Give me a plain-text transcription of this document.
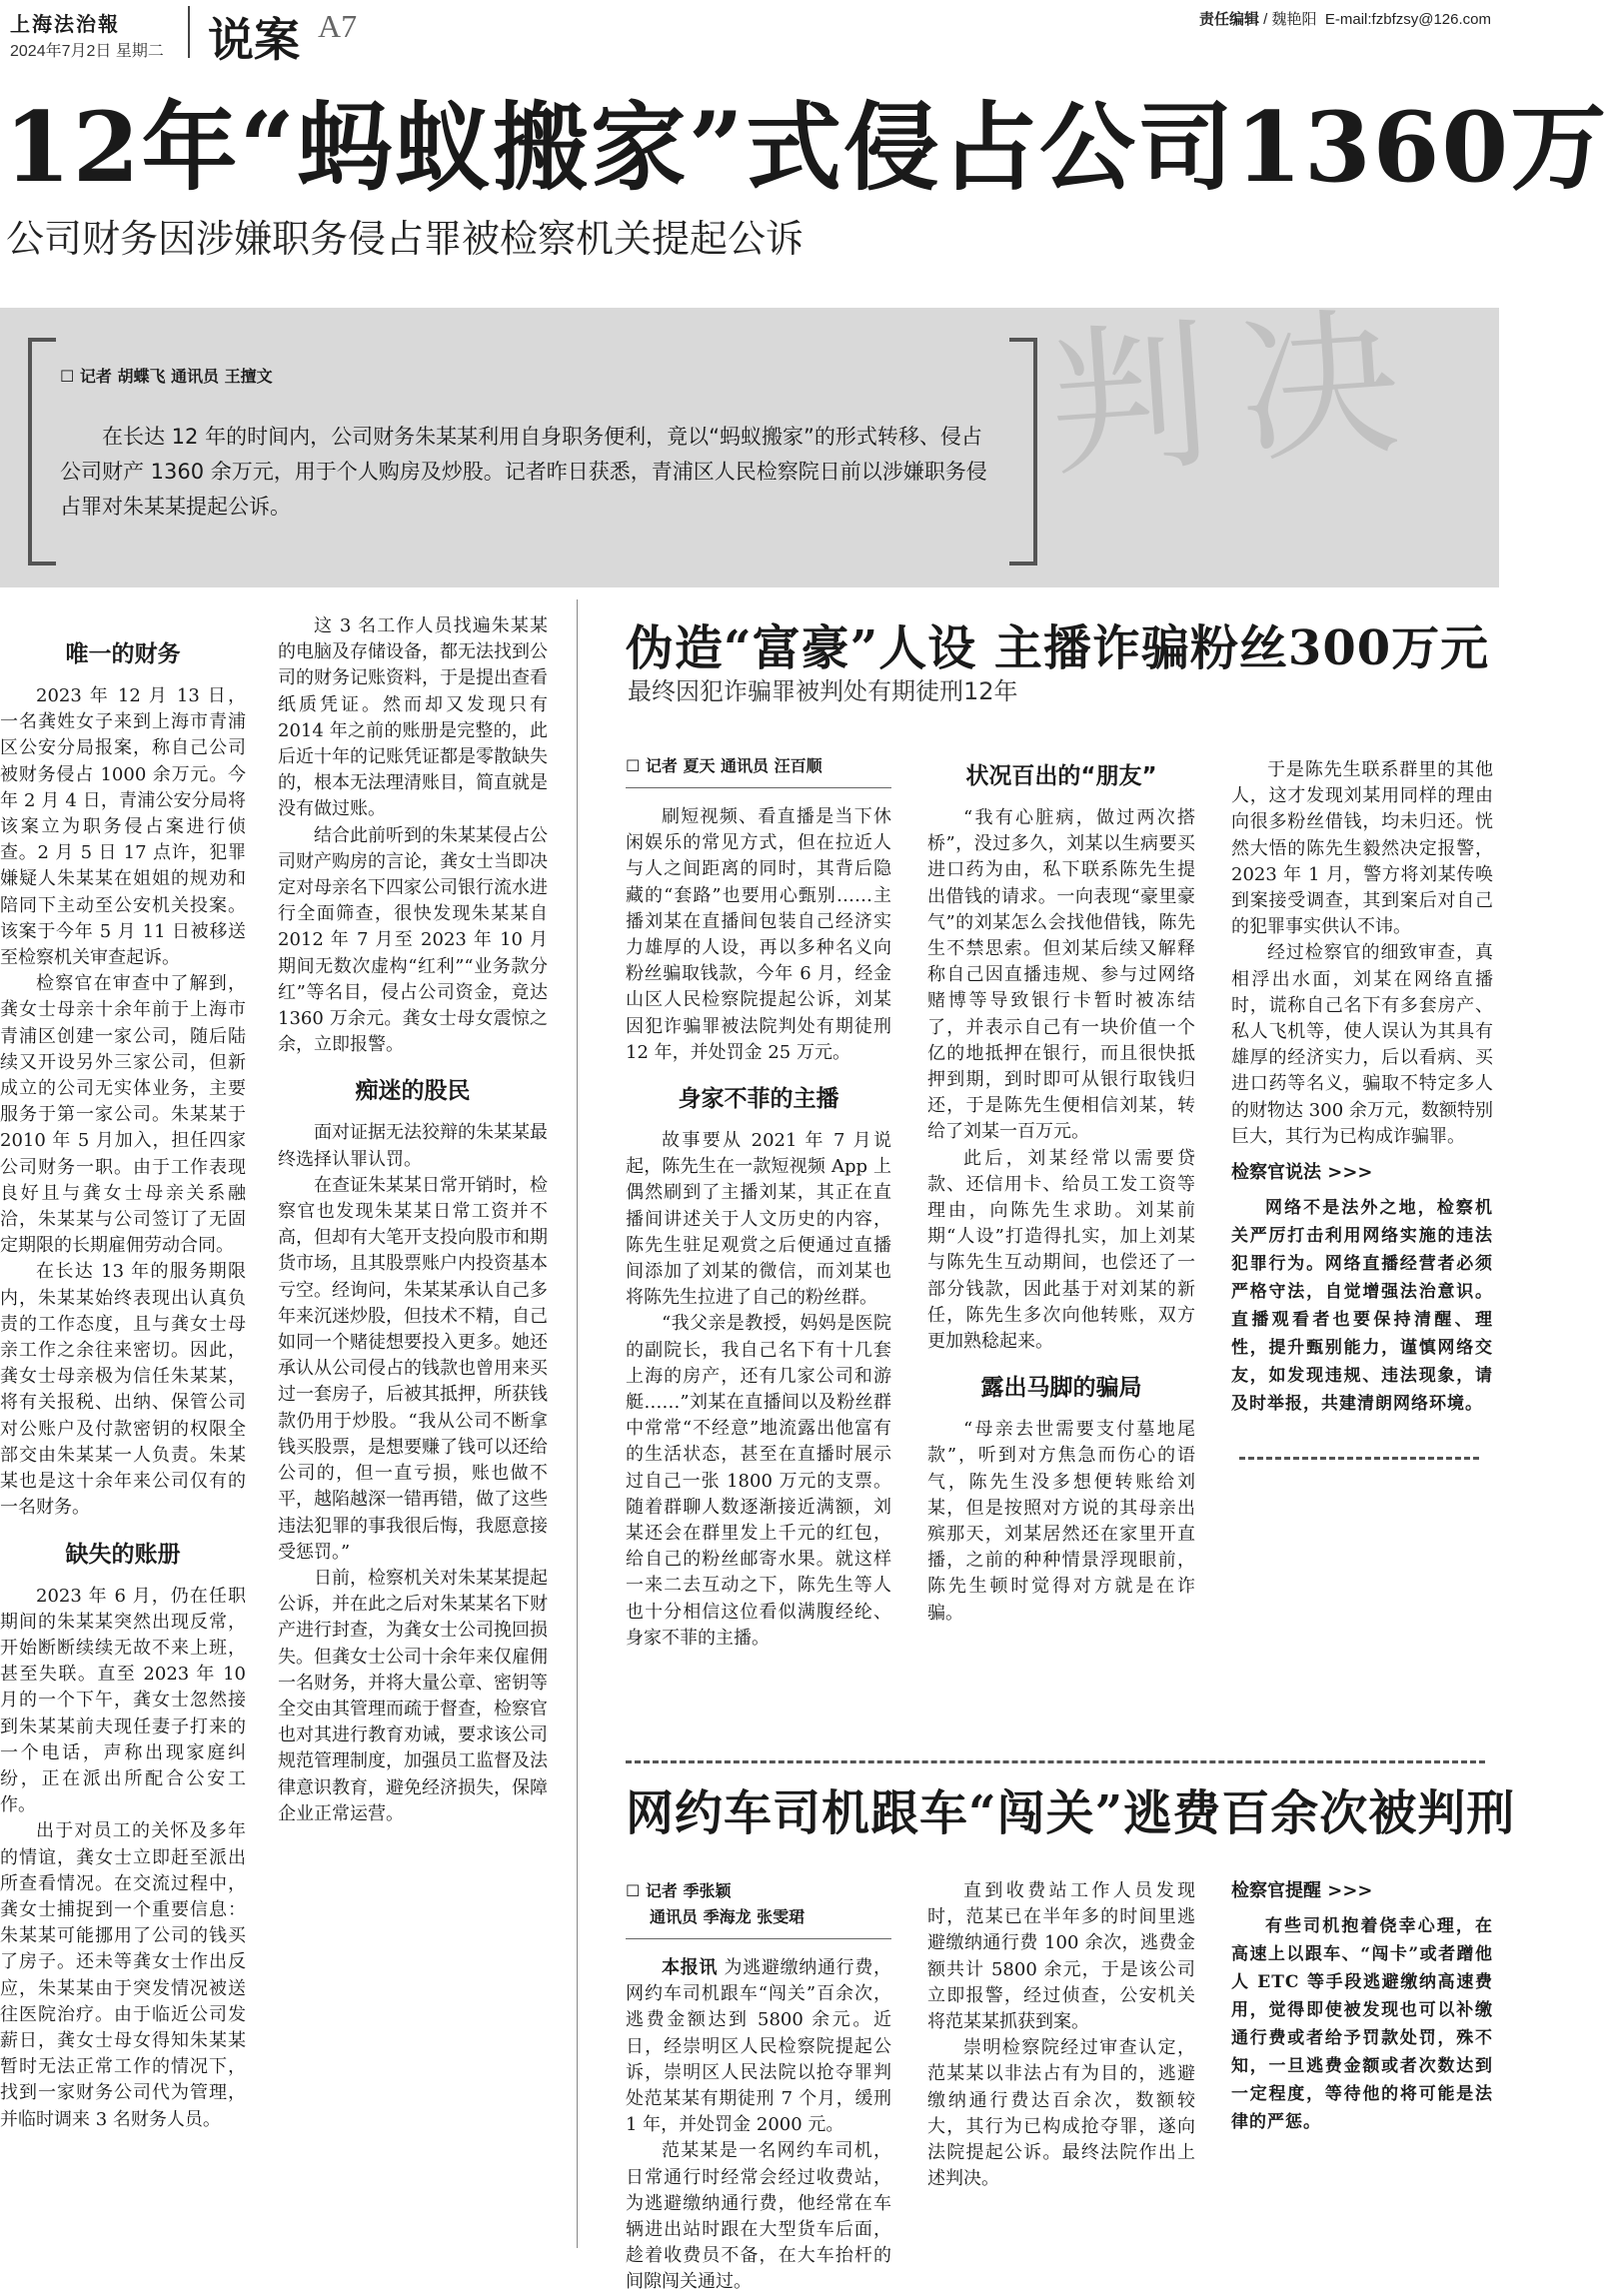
上海法治報
2024年7月2日 星期二 说案 A7	责任编辑 / 魏艳阳 E-mail:fzbfzsy@126.com
12年“蚂蚁搬家”式侵占公司1360万
公司财务因涉嫌职务侵占罪被检察机关提起公诉
判决
☐ 记者 胡蝶飞 通讯员 王擅文
在长达 12 年的时间内，公司财务朱某某利用自身职务便利，竟以“蚂蚁搬家”的形式转移、侵占公司财产 1360 余万元，用于个人购房及炒股。记者昨日获悉，青浦区人民检察院日前以涉嫌职务侵占罪对朱某某提起公诉。
唯一的财务

2023 年 12 月 13 日，一名龚姓女子来到上海市青浦区公安分局报案，称自己公司被财务侵占 1000 余万元。今年 2 月 4 日，青浦公安分局将该案立为职务侵占案进行侦查。2 月 5 日 17 点许，犯罪嫌疑人朱某某在姐姐的规劝和陪同下主动至公安机关投案。该案于今年 5 月 11 日被移送至检察机关审查起诉。

检察官在审查中了解到，龚女士母亲十余年前于上海市青浦区创建一家公司，随后陆续又开设另外三家公司，但新成立的公司无实体业务，主要服务于第一家公司。朱某某于 2010 年 5 月加入，担任四家公司财务一职。由于工作表现良好且与龚女士母亲关系融洽，朱某某与公司签订了无固定期限的长期雇佣劳动合同。

在长达 13 年的服务期限内，朱某某始终表现出认真负责的工作态度，且与龚女士母亲工作之余往来密切。因此，龚女士母亲极为信任朱某某，将有关报税、出纳、保管公司对公账户及付款密钥的权限全部交由朱某某一人负责。朱某某也是这十余年来公司仅有的一名财务。

缺失的账册

2023 年 6 月，仍在任职期间的朱某某突然出现反常，开始断断续续无故不来上班，甚至失联。直至 2023 年 10 月的一个下午，龚女士忽然接到朱某某前夫现任妻子打来的一个电话，声称出现家庭纠纷，正在派出所配合公安工作。

出于对员工的关怀及多年的情谊，龚女士立即赶至派出所查看情况。在交流过程中，龚女士捕捉到一个重要信息：朱某某可能挪用了公司的钱买了房子。还未等龚女士作出反应，朱某某由于突发情况被送往医院治疗。由于临近公司发薪日，龚女士母女得知朱某某暂时无法正常工作的情况下，找到一家财务公司代为管理，并临时调来 3 名财务人员。

这 3 名工作人员找遍朱某某的电脑及存储设备，都无法找到公司的财务记账资料，于是提出查看纸质凭证。然而却又发现只有 2014 年之前的账册是完整的，此后近十年的记账凭证都是零散缺失的，根本无法理清账目，简直就是没有做过账。

结合此前听到的朱某某侵占公司财产购房的言论，龚女士当即决定对母亲名下四家公司银行流水进行全面筛查，很快发现朱某某自 2012 年 7 月至 2023 年 10 月期间无数次虚构“红利”“业务款分红”等名目，侵占公司资金，竟达 1360 万余元。龚女士母女震惊之余，立即报警。

痴迷的股民

面对证据无法狡辩的朱某某最终选择认罪认罚。

在查证朱某某日常开销时，检察官也发现朱某某日常工资并不高，但却有大笔开支投向股市和期货市场，且其股票账户内投资基本亏空。经询问，朱某某承认自己多年来沉迷炒股，但技术不精，自己如同一个赌徒想要投入更多。她还承认从公司侵占的钱款也曾用来买过一套房子，后被其抵押，所获钱款仍用于炒股。“我从公司不断拿钱买股票，是想要赚了钱可以还给公司的，但一直亏损，账也做不平，越陷越深一错再错，做了这些违法犯罪的事我很后悔，我愿意接受惩罚。”

日前，检察机关对朱某某提起公诉，并在此之后对朱某某名下财产进行封查，为龚女士公司挽回损失。但龚女士公司十余年来仅雇佣一名财务，并将大量公章、密钥等全交由其管理而疏于督查，检察官也对其进行教育劝诫，要求该公司规范管理制度，加强员工监督及法律意识教育，避免经济损失，保障企业正常运营。

伪造“富豪”人设 主播诈骗粉丝300万元
最终因犯诈骗罪被判处有期徒刑12年
☐ 记者 夏天 通讯员 汪百顺

刷短视频、看直播是当下休闲娱乐的常见方式，但在拉近人与人之间距离的同时，其背后隐藏的“套路”也要用心甄别……主播刘某在直播间包装自己经济实力雄厚的人设，再以多种名义向粉丝骗取钱款，今年 6 月，经金山区人民检察院提起公诉，刘某因犯诈骗罪被法院判处有期徒刑 12 年，并处罚金 25 万元。

身家不菲的主播

故事要从 2021 年 7 月说起，陈先生在一款短视频 App 上偶然刷到了主播刘某，其正在直播间讲述关于人文历史的内容，陈先生驻足观赏之后便通过直播间添加了刘某的微信，而刘某也将陈先生拉进了自己的粉丝群。

“我父亲是教授，妈妈是医院的副院长，我自己名下有十几套上海的房产，还有几家公司和游艇……”刘某在直播间以及粉丝群中常常“不经意”地流露出他富有的生活状态，甚至在直播时展示过自己一张 1800 万元的支票。随着群聊人数逐渐接近满额，刘某还会在群里发上千元的红包，给自己的粉丝邮寄水果。就这样一来二去互动之下，陈先生等人也十分相信这位看似满腹经纶、身家不菲的主播。

状况百出的“朋友”

“我有心脏病，做过两次搭桥”，没过多久，刘某以生病要买进口药为由，私下联系陈先生提出借钱的请求。一向表现“豪里豪气”的刘某怎么会找他借钱，陈先生不禁思索。但刘某后续又解释称自己因直播违规、参与过网络赌博等导致银行卡暂时被冻结了，并表示自己有一块价值一个亿的地抵押在银行，而且很快抵押到期，到时即可从银行取钱归还，于是陈先生便相信刘某，转给了刘某一百万元。

此后，刘某经常以需要贷款、还信用卡、给员工发工资等理由，向陈先生求助。刘某前期“人设”打造得扎实，加上刘某与陈先生互动期间，也偿还了一部分钱款，因此基于对刘某的新任，陈先生多次向他转账，双方更加熟稔起来。

露出马脚的骗局

“母亲去世需要支付墓地尾款”，听到对方焦急而伤心的语气，陈先生没多想便转账给刘某，但是按照对方说的其母亲出殡那天，刘某居然还在家里开直播，之前的种种情景浮现眼前，陈先生顿时觉得对方就是在诈骗。

于是陈先生联系群里的其他人，这才发现刘某用同样的理由向很多粉丝借钱，均未归还。恍然大悟的陈先生毅然决定报警，2023 年 1 月，警方将刘某传唤到案接受调查，其到案后对自己的犯罪事实供认不讳。

经过检察官的细致审查，真相浮出水面，刘某在网络直播时，谎称自己名下有多套房产、私人飞机等，使人误认为其具有雄厚的经济实力，后以看病、买进口药等名义，骗取不特定多人的财物达 300 余万元，数额特别巨大，其行为已构成诈骗罪。

检察官说法 >>>

网络不是法外之地，检察机关严厉打击利用网络实施的违法犯罪行为。网络直播经营者必须严格守法，自觉增强法治意识。直播观看者也要保持清醒、理性，提升甄别能力，谨慎网络交友，如发现违规、违法现象，请及时举报，共建清朗网络环境。

网约车司机跟车“闯关”逃费百余次被判刑
☐ 记者 季张颖
通讯员 季海龙 张雯珺

本报讯 为逃避缴纳通行费，网约车司机跟车“闯关”百余次，逃费金额达到 5800 余元。近日，经崇明区人民检察院提起公诉，崇明区人民法院以抢夺罪判处范某某有期徒刑 7 个月，缓刑 1 年，并处罚金 2000 元。

范某某是一名网约车司机，日常通行时经常会经过收费站，为逃避缴纳通行费，他经常在车辆进出站时跟在大型货车后面，趁着收费员不备，在大车抬杆的间隙闯关通过。

直到收费站工作人员发现时，范某已在半年多的时间里逃避缴纳通行费 100 余次，逃费金额共计 5800 余元，于是该公司立即报警，经过侦查，公安机关将范某某抓获到案。

崇明检察院经过审查认定，范某某以非法占有为目的，逃避缴纳通行费达百余次，数额较大，其行为已构成抢夺罪，遂向法院提起公诉。最终法院作出上述判决。

检察官提醒 >>>

有些司机抱着侥幸心理，在高速上以跟车、“闯卡”或者蹭他人 ETC 等手段逃避缴纳高速费用，觉得即使被发现也可以补缴通行费或者给予罚款处罚，殊不知，一旦逃费金额或者次数达到一定程度，等待他的将可能是法律的严惩。
